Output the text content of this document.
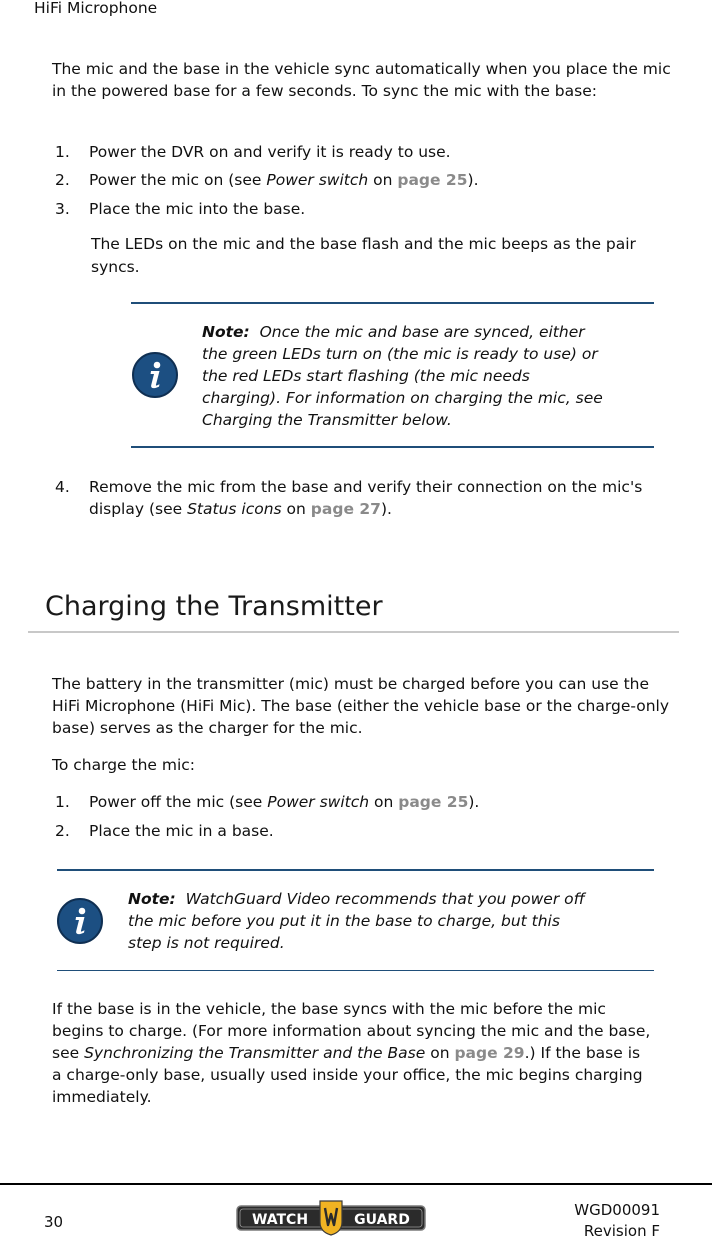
HiFi Microphone
The mic and the base in the vehicle sync automatically when you place the mic in the powered base for a few seconds. To sync the mic with the base:
1. Power the DVR on and verify it is ready to use.
2. Power the mic on (see Power switch on page 25).
3. Place the mic into the base.
The LEDs on the mic and the base flash and the mic beeps as the pair syncs.
Note: Once the mic and base are synced, either the green LEDs turn on (the mic is ready to use) or the red LEDs start flashing (the mic needs charging). For information on charging the mic, see Charging the Transmitter below.
4. Remove the mic from the base and verify their connection on the mic's display (see Status icons on page 27).
Charging the Transmitter
The battery in the transmitter (mic) must be charged before you can use the HiFi Microphone (HiFi Mic). The base (either the vehicle base or the charge-only base) serves as the charger for the mic.
To charge the mic:
1. Power off the mic (see Power switch on page 25).
2. Place the mic in a base.
Note: WatchGuard Video recommends that you power off the mic before you put it in the base to charge, but this step is not required.
If the base is in the vehicle, the base syncs with the mic before the mic begins to charge. (For more information about syncing the mic and the base, see Synchronizing the Transmitter and the Base on page 29.) If the base is a charge-only base, usually used inside your office, the mic begins charging immediately.
30	WATCH	GUARD
WGD00091
Revision F
